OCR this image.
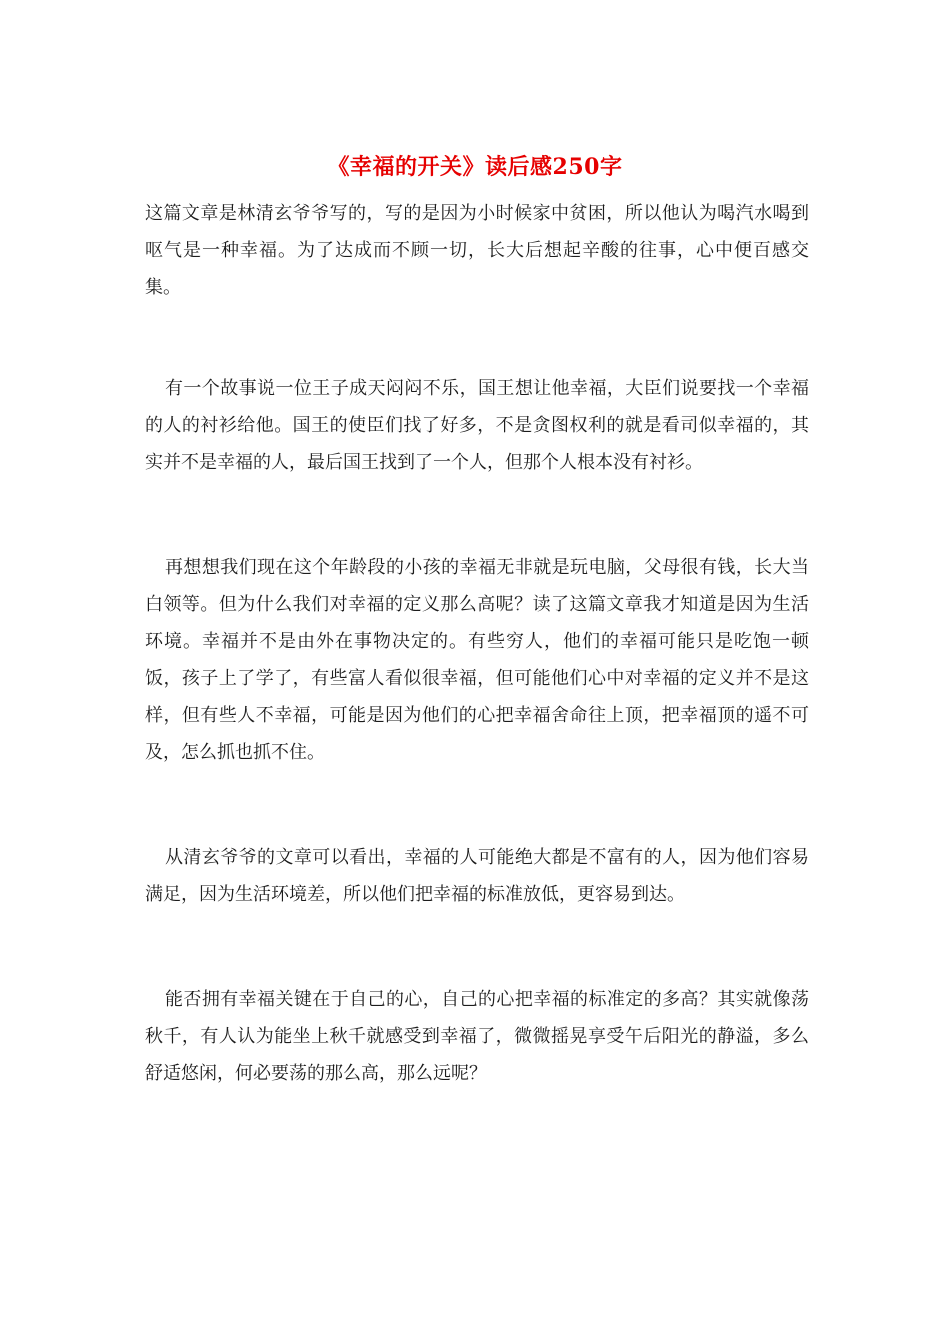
《幸福的开关》读后感250字

这篇文章是林清玄爷爷写的，写的是因为小时候家中贫困，所以他认为喝汽水喝到呕气是一种幸福。为了达成而不顾一切，长大后想起辛酸的往事，心中便百感交集。

有一个故事说一位王子成天闷闷不乐，国王想让他幸福，大臣们说要找一个幸福的人的衬衫给他。国王的使臣们找了好多，不是贪图权利的就是看司似幸福的，其实并不是幸福的人，最后国王找到了一个人，但那个人根本没有衬衫。

再想想我们现在这个年龄段的小孩的幸福无非就是玩电脑，父母很有钱，长大当白领等。但为什么我们对幸福的定义那么高呢？读了这篇文章我才知道是因为生活环境。幸福并不是由外在事物决定的。有些穷人，他们的幸福可能只是吃饱一顿饭，孩子上了学了，有些富人看似很幸福，但可能他们心中对幸福的定义并不是这样，但有些人不幸福，可能是因为他们的心把幸福舍命往上顶，把幸福顶的遥不可及，怎么抓也抓不住。

从清玄爷爷的文章可以看出，幸福的人可能绝大都是不富有的人，因为他们容易满足，因为生活环境差，所以他们把幸福的标准放低，更容易到达。

能否拥有幸福关键在于自己的心，自己的心把幸福的标准定的多高？其实就像荡秋千，有人认为能坐上秋千就感受到幸福了，微微摇晃享受午后阳光的静溢，多么舒适悠闲，何必要荡的那么高，那么远呢？
